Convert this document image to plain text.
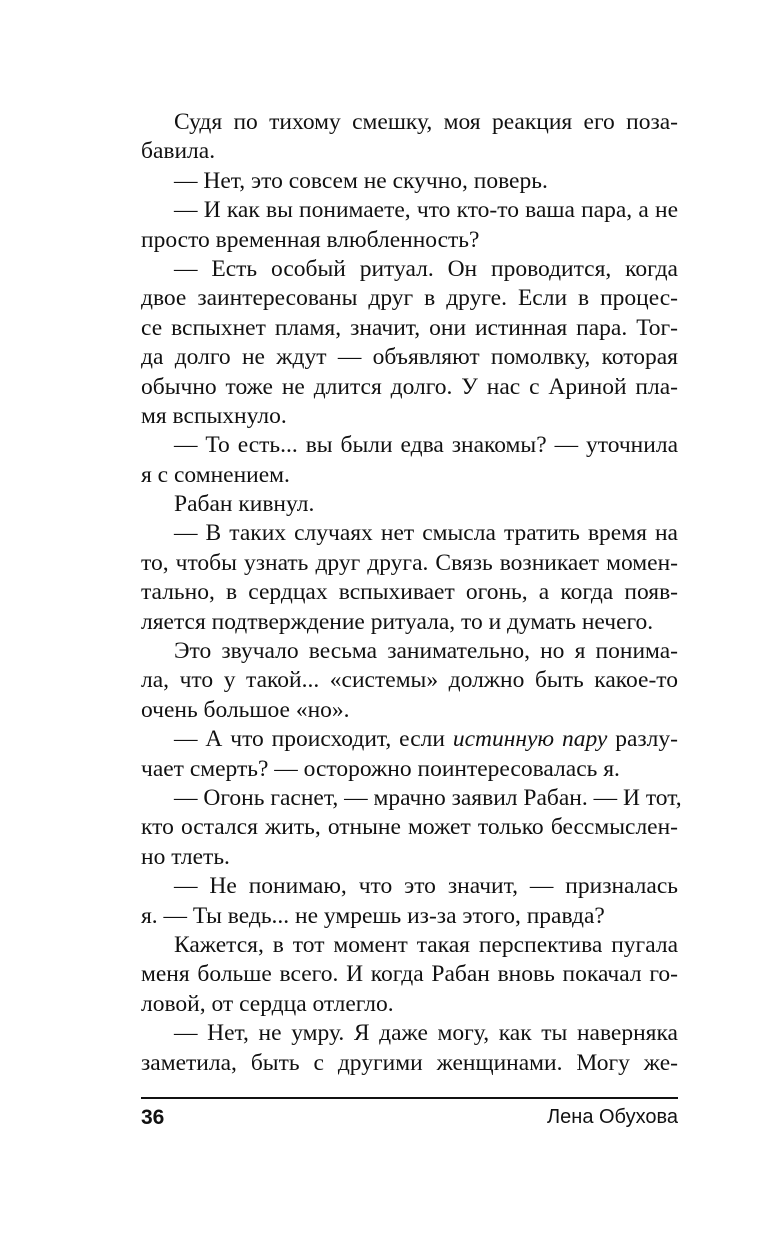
Судя по тихому смешку, моя реакция его поза-
бавила.
— Нет, это совсем не скучно, поверь.
— И как вы понимаете, что кто-то ваша пара, а не
просто временная влюбленность?
— Есть особый ритуал. Он проводится, когда
двое заинтересованы друг в друге. Если в процес-
се вспыхнет пламя, значит, они истинная пара. Тог-
да долго не ждут — объявляют помолвку, которая
обычно тоже не длится долго. У нас с Ариной пла-
мя вспыхнуло.
— То есть... вы были едва знакомы? — уточнила
я с сомнением.
Рабан кивнул.
— В таких случаях нет смысла тратить время на
то, чтобы узнать друг друга. Связь возникает момен-
тально, в сердцах вспыхивает огонь, а когда появ-
ляется подтверждение ритуала, то и думать нечего.
Это звучало весьма занимательно, но я понима-
ла, что у такой... «системы» должно быть какое-то
очень большое «но».
— А что происходит, если истинную пару разлу-
чает смерть? — осторожно поинтересовалась я.
— Огонь гаснет, — мрачно заявил Рабан. — И тот,
кто остался жить, отныне может только бессмыслен-
но тлеть.
— Не понимаю, что это значит, — призналась
я. — Ты ведь... не умрешь из-за этого, правда?
Кажется, в тот момент такая перспектива пугала
меня больше всего. И когда Рабан вновь покачал го-
ловой, от сердца отлегло.
— Нет, не умру. Я даже могу, как ты наверняка
заметила, быть с другими женщинами. Могу же-
36	Лена Обухова
